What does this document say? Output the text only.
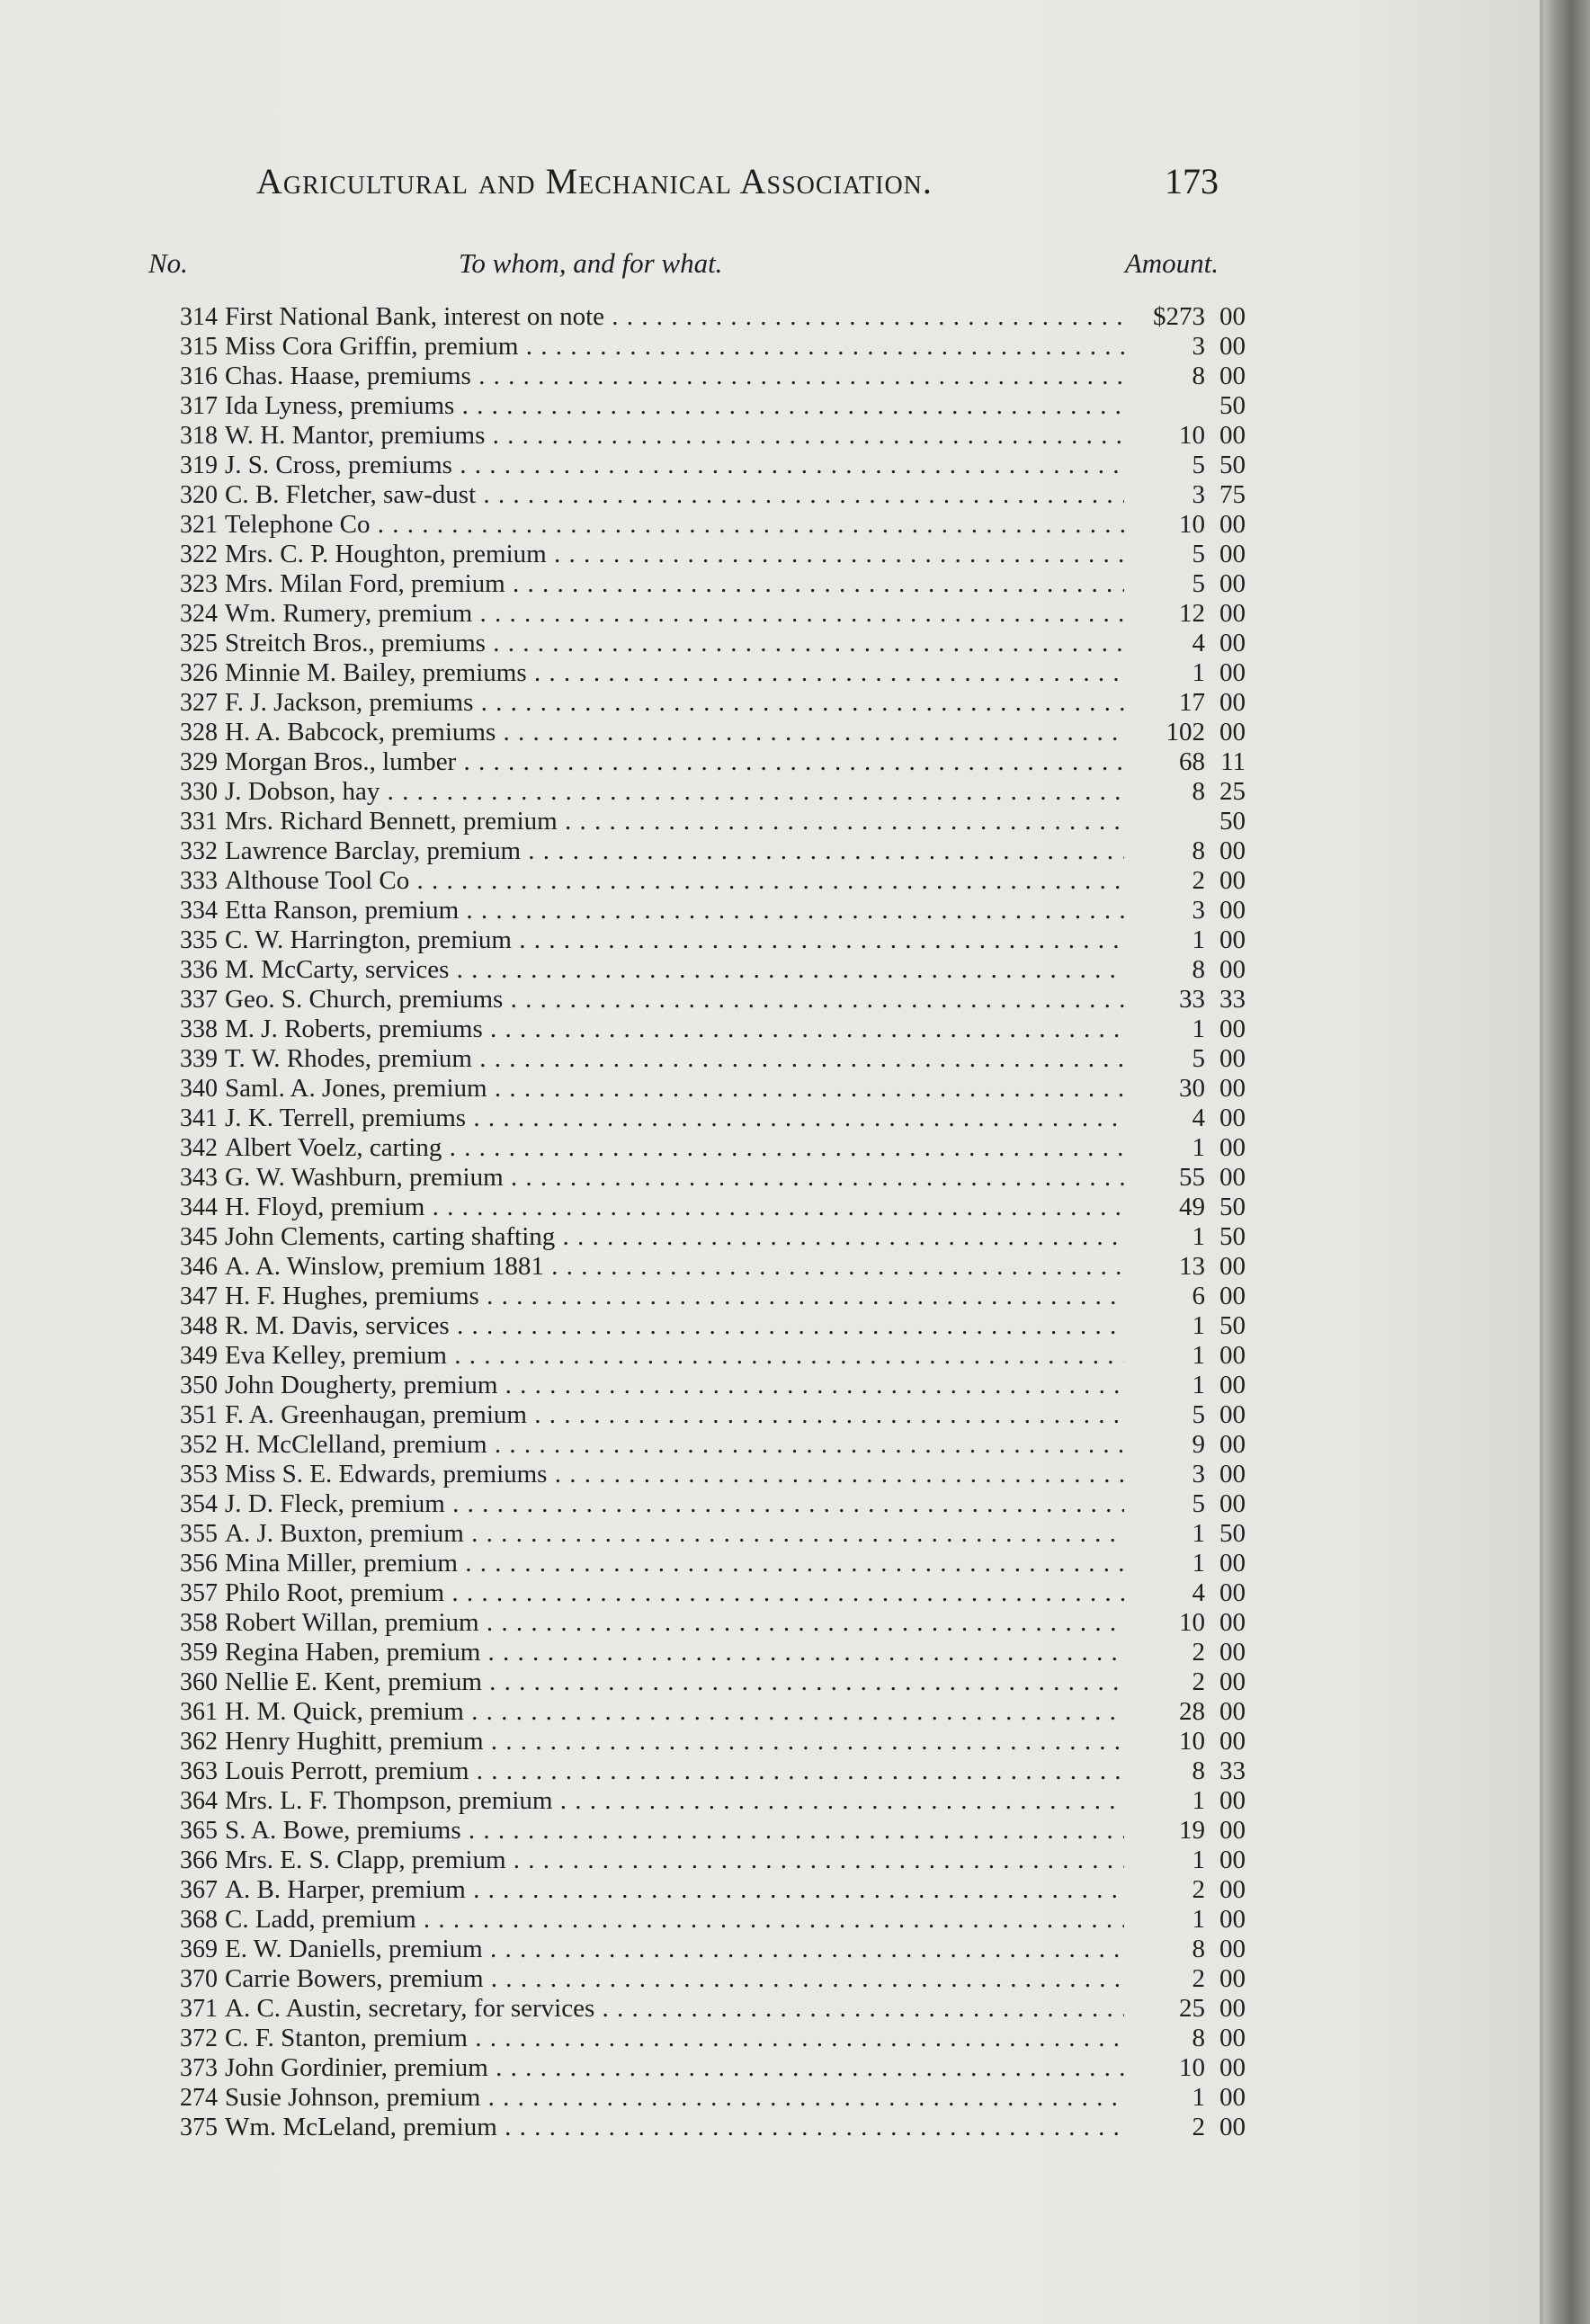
Agricultural and Mechanical Association.	173
No.	To whom, and for what.	Amount.
314 First National Bank, interest on note . . .	$273 00
315 Miss Cora Griffin, premium . . .	3 00
316 Chas. Haase, premiums . . .	8 00
317 Ida Lyness, premiums . . .	50
318 W. H. Mantor, premiums . . .	10 00
319 J. S. Cross, premiums . . .	5 50
320 C. B. Fletcher, saw-dust . . .	3 75
321 Telephone Co . . .	10 00
322 Mrs. C. P. Houghton, premium . . .	5 00
323 Mrs. Milan Ford, premium . . .	5 00
324 Wm. Rumery, premium . . .	12 00
325 Streitch Bros., premiums . . .	4 00
326 Minnie M. Bailey, premiums . . .	1 00
327 F. J. Jackson, premiums . . .	17 00
328 H. A. Babcock, premiums . . .	102 00
329 Morgan Bros., lumber . . .	68 11
330 J. Dobson, hay . . .	8 25
331 Mrs. Richard Bennett, premium . . .	50
332 Lawrence Barclay, premium . . .	8 00
333 Althouse Tool Co . . .	2 00
334 Etta Ranson, premium . . .	3 00
335 C. W. Harrington, premium . . .	1 00
336 M. McCarty, services . . .	8 00
337 Geo. S. Church, premiums . . .	33 33
338 M. J. Roberts, premiums . . .	1 00
339 T. W. Rhodes, premium . . .	5 00
340 Saml. A. Jones, premium . . .	30 00
341 J. K. Terrell, premiums . . .	4 00
342 Albert Voelz, carting . . .	1 00
343 G. W. Washburn, premium . . .	55 00
344 H. Floyd, premium . . .	49 50
345 John Clements, carting shafting . . .	1 50
346 A. A. Winslow, premium 1881 . . .	13 00
347 H. F. Hughes, premiums . . .	6 00
348 R. M. Davis, services . . .	1 50
349 Eva Kelley, premium . . .	1 00
350 John Dougherty, premium . . .	1 00
351 F. A. Greenhaugan, premium . . .	5 00
352 H. McClelland, premium . . .	9 00
353 Miss S. E. Edwards, premiums . . .	3 00
354 J. D. Fleck, premium . . .	5 00
355 A. J. Buxton, premium . . .	1 50
356 Mina Miller, premium . . .	1 00
357 Philo Root, premium . . .	4 00
358 Robert Willan, premium . . .	10 00
359 Regina Haben, premium . . .	2 00
360 Nellie E. Kent, premium . . .	2 00
361 H. M. Quick, premium . . .	28 00
362 Henry Hughitt, premium . . .	10 00
363 Louis Perrott, premium . . .	8 33
364 Mrs. L. F. Thompson, premium . . .	1 00
365 S. A. Bowe, premiums . . .	19 00
366 Mrs. E. S. Clapp, premium . . .	1 00
367 A. B. Harper, premium . . .	2 00
368 C. Ladd, premium . . .	1 00
369 E. W. Daniells, premium . . .	8 00
370 Carrie Bowers, premium . . .	2 00
371 A. C. Austin, secretary, for services . . .	25 00
372 C. F. Stanton, premium . . .	8 00
373 John Gordinier, premium . . .	10 00
274 Susie Johnson, premium . . .	1 00
375 Wm. McLeland, premium . . .	2 00
